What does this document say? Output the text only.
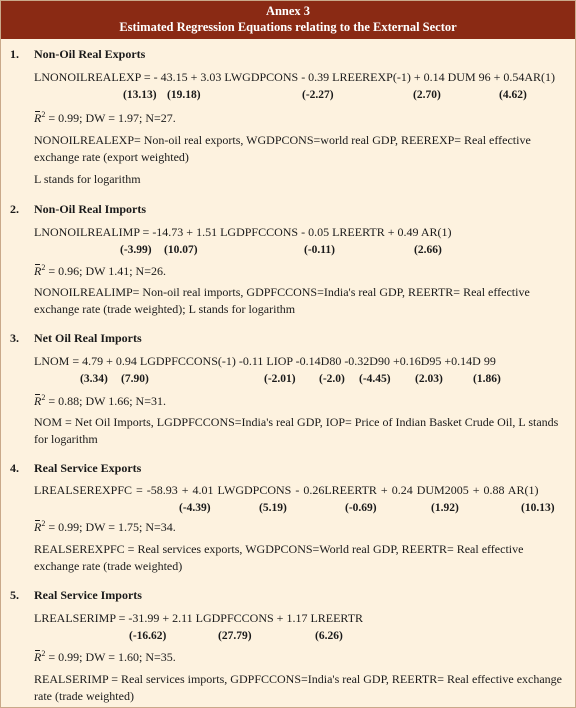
Annex 3
Estimated Regression Equations relating to the External Sector
1. Non-Oil Real Exports
LNONOILREALEXP = - 43.15 + 3.03 LWGDPCONS - 0.39 LREEREXP(-1) + 0.14 DUM 96 + 0.54AR(1)
(13.13) (19.18)	(-2.27)	(2.70)	(4.62)
$R^2 = 0.99$; DW = 1.97; N=27.
NONOILREALEXP= Non-oil real exports, WGDPCONS=world real GDP, REEREXP= Real effective exchange rate (export weighted)
L stands for logarithm
2. Non-Oil Real Imports
LNONOILREALIMP = -14.73 + 1.51 LGDPFCCONS - 0.05 LREERTR + 0.49 AR(1)
(-3.99) (10.07)	(-0.11)	(2.66)
$R^2 = 0.96$; DW 1.41; N=26.
NONOILREALIMP= Non-oil real imports, GDPFCCONS=India's real GDP, REERTR= Real effective exchange rate (trade weighted); L stands for logarithm
3. Net Oil Real Imports
LNOM = 4.79 + 0.94 LGDPFCCONS(-1) -0.11 LIOP -0.14D80 -0.32D90 +0.16D95 +0.14D 99
(3.34) (7.90)	(-2.01) (-2.0) (-4.45) (2.03)	(1.86)
$R^2 = 0.88$; DW 1.66; N=31.
NOM = Net Oil Imports, LGDPFCCONS=India's real GDP, IOP= Price of Indian Basket Crude Oil, L stands for logarithm
4. Real Service Exports
LREALSEREXPFC = -58.93 + 4.01 LWGDPCONS - 0.26LREERTR + 0.24 DUM2005 + 0.88 AR(1)
(-4.39)	(5.19)	(-0.69)	(1.92)	(10.13)
$R^2 = 0.99$; DW = 1.75; N=34.
REALSEREXPFC = Real services exports, WGDPCONS=World real GDP, REERTR= Real effective exchange rate (trade weighted)
5. Real Service Imports
LREALSERIMP = -31.99 + 2.11 LGDPFCCONS + 1.17 LREERTR
(-16.62)	(27.79)	(6.26)
$R^2 = 0.99$; DW = 1.60; N=35.
REALSERIMP = Real services imports, GDPFCCONS=India's real GDP, REERTR= Real effective exchange rate (trade weighted)
